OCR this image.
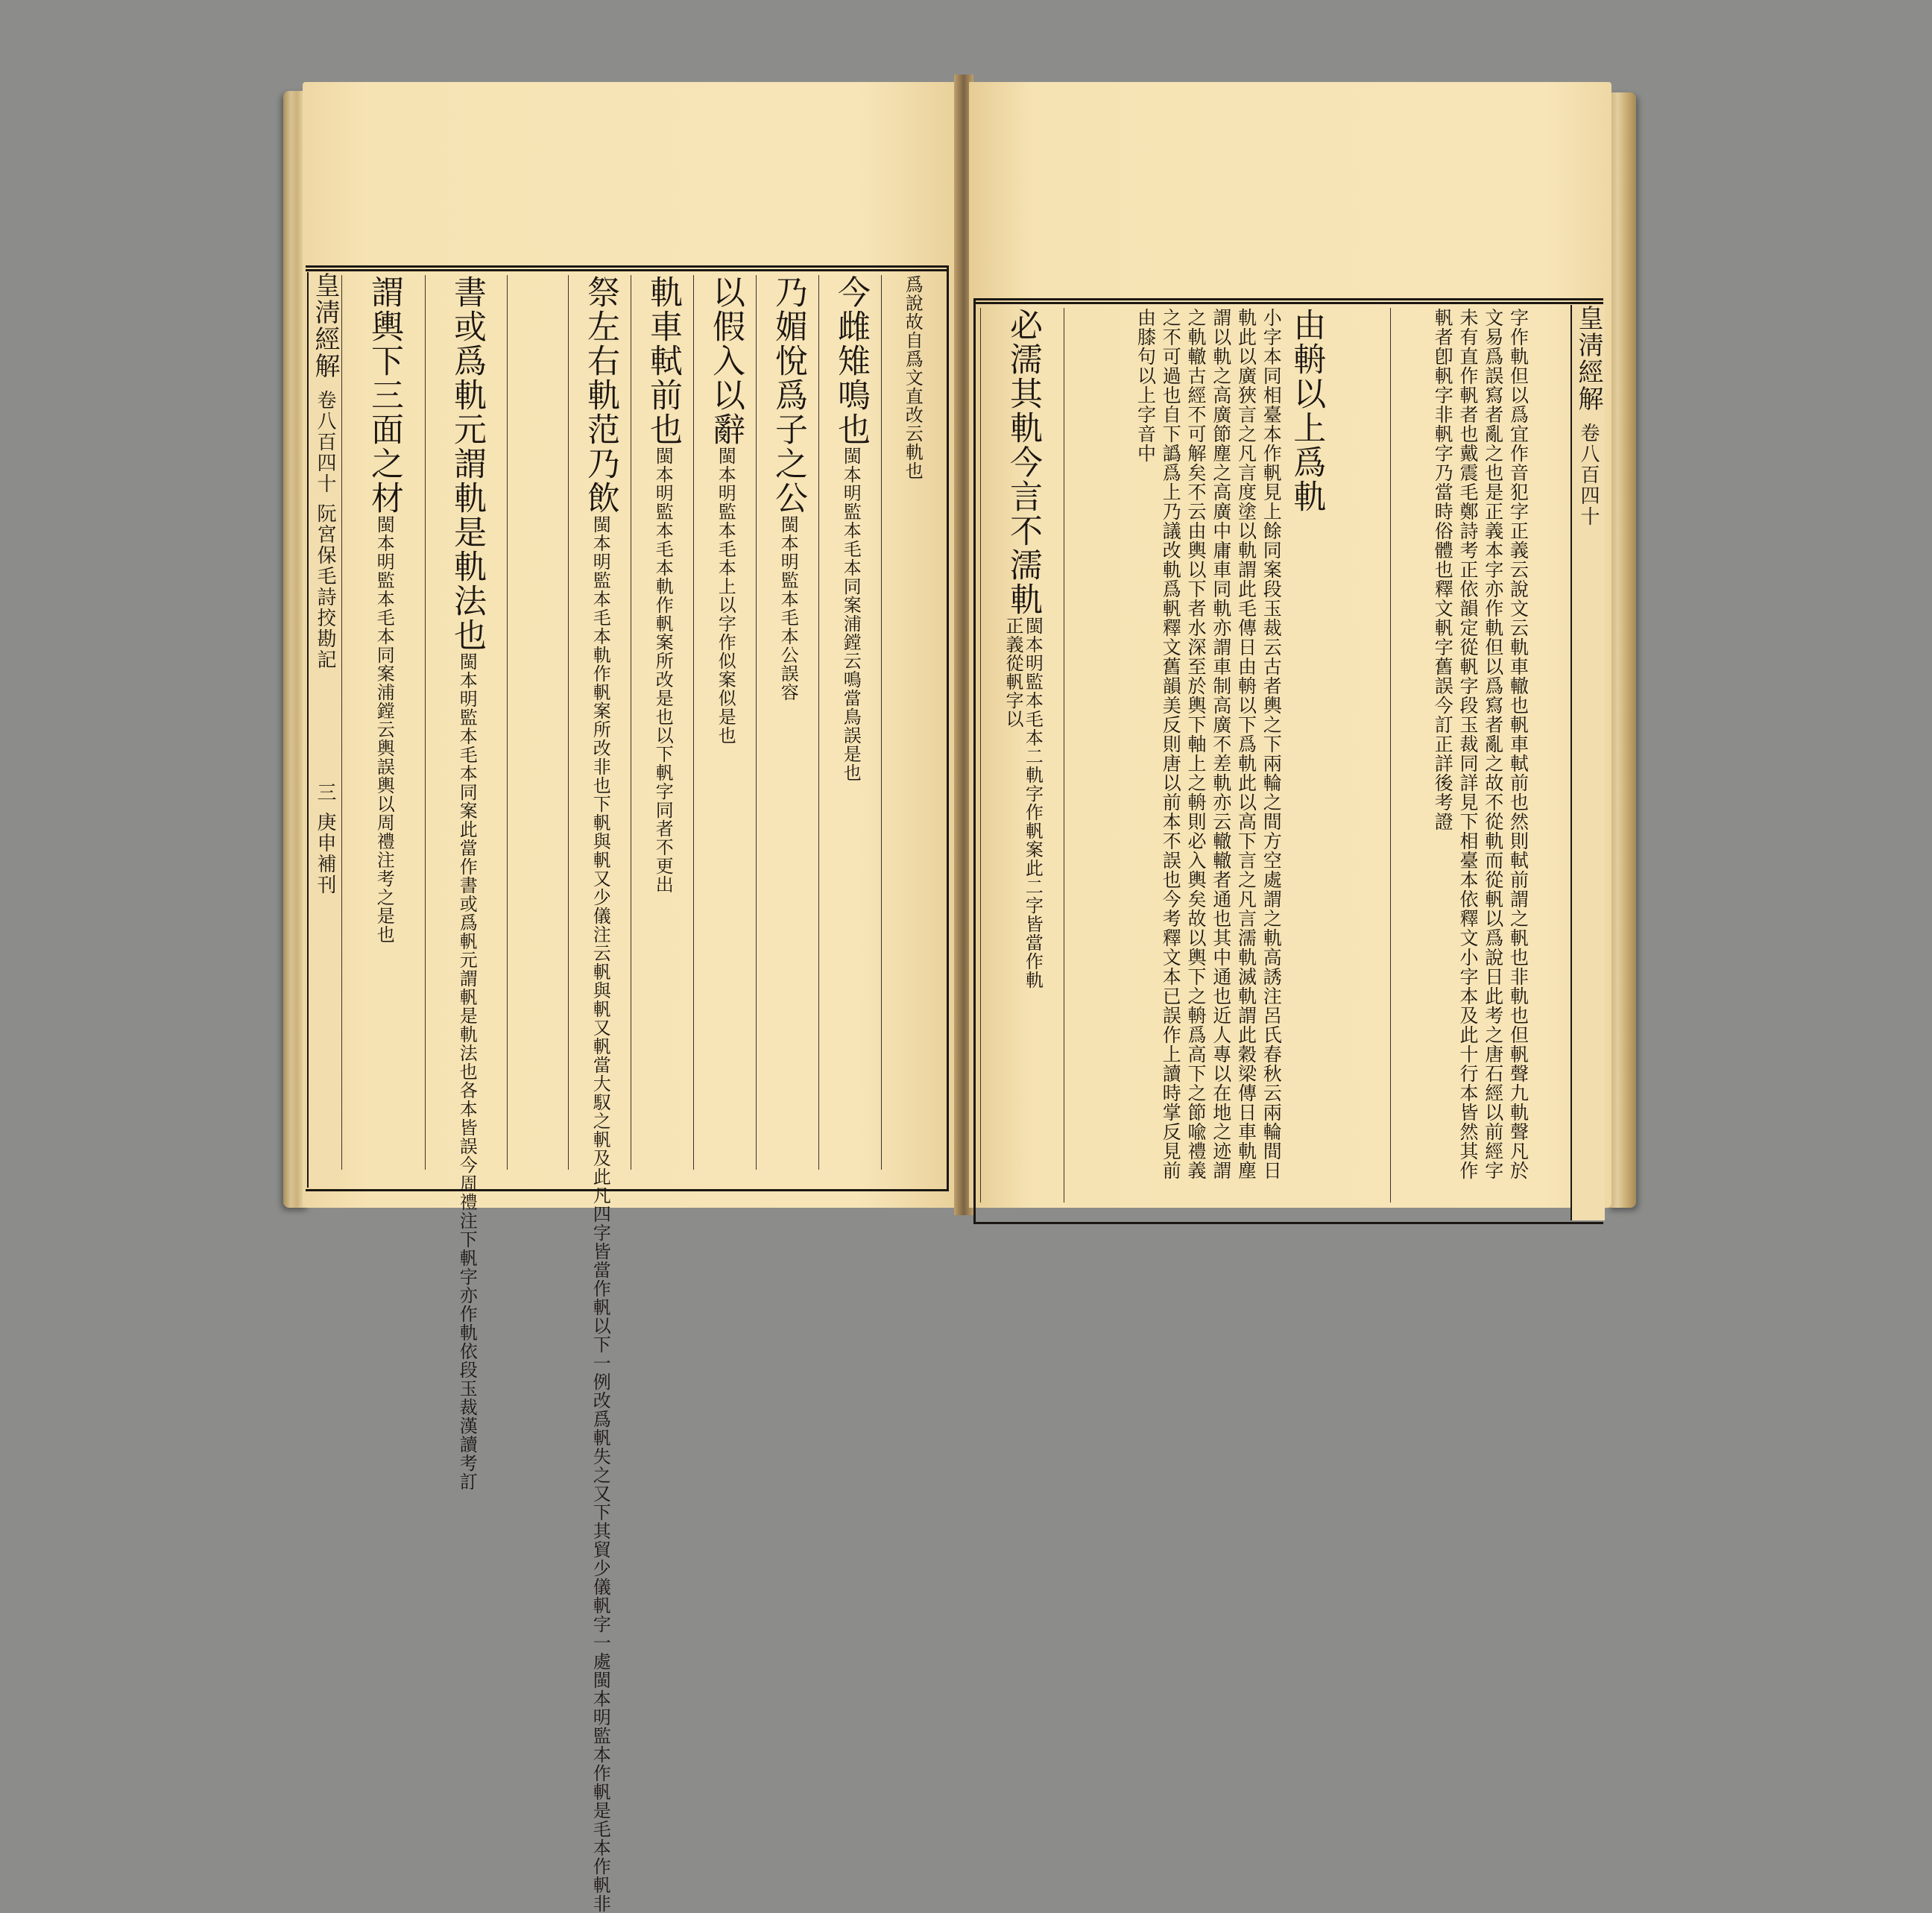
皇淸經解
卷八百四十
阮宮保毛詩挍勘記
三
庚申補刊
爲說故自爲文直改云軌也
今雌雉鳴也
閩本明監本毛本同案浦鏜云鳴當鳥誤是也
乃媚悅爲子之公
閩本明監本毛本公誤容
以假入以辭
閩本明監本毛本上以字作似案似是也
軌車軾前也
閩本明監本毛本軌作軓案所改是也以下軓字同者不更出
祭左右軌范乃飲
閩本明監本毛本軌作軓案所改非也下軓與軓又少儀注云軓與軓又軓當大馭之軓及此凡四字皆當作軓以下一例改爲軓失之又下其貿少儀軓字一處閩本明監本作軓是毛本作軓非
書或爲軌元謂軌是軌法也
閩本明監本毛本同案此當作書或爲軓元謂軓是軌法也各本皆誤今周禮注下軓字亦作軌依段玉裁漢讀考訂
謂輿下三面之材
閩本明監本毛本同案浦鏜云輿誤輿以周禮注考之是也
皇淸經解
卷八百四十
字作軌但以爲宜作音犯字正義云說文云軌車轍也軓車軾前也然則軾前謂之軓也非軌也但軓聲九軌聲凡於文易爲誤寫者亂之也是正義本字亦作軌但以爲寫者亂之故不從軌而從軓以爲說日此考之唐石經以前經字未有直作軓者也戴震毛鄭詩考正依韻定從軓字段玉裁同詳見下相臺本依釋文小字本及此十行本皆然其作軓者卽軓字非軓字乃當時俗體也釋文軓字舊誤今訂正詳後考證
由輈以上爲軌
小字本同相臺本作軓見上餘同案段玉裁云古者輿之下兩輪之間方空處謂之軌高誘注呂氏春秋云兩輪間日軌此以廣狹言之凡言度塗以軌謂此毛傳日由輈以下爲軌此以高下言之凡言濡軌滅軌謂此穀梁傳日車軌塵謂以軌之高廣節塵之高廣中庸車同軌亦謂車制高廣不差軌亦云轍轍者通也其中通也近人專以在地之迹謂之軌轍古經不可解矣不云由輿以下者水深至於輿下軸上之輈則必入輿矣故以輿下之輈爲高下之節喩禮義之不可過也自下譌爲上乃議改軌爲軓釋文舊韻美反則唐以前本不誤也今考釋文本已誤作上讀時掌反見前由膝句以上字音中
必濡其軌今言不濡軌
閩本明監本毛本二軌字作軓案此二字皆當作軌正義從軓字以
